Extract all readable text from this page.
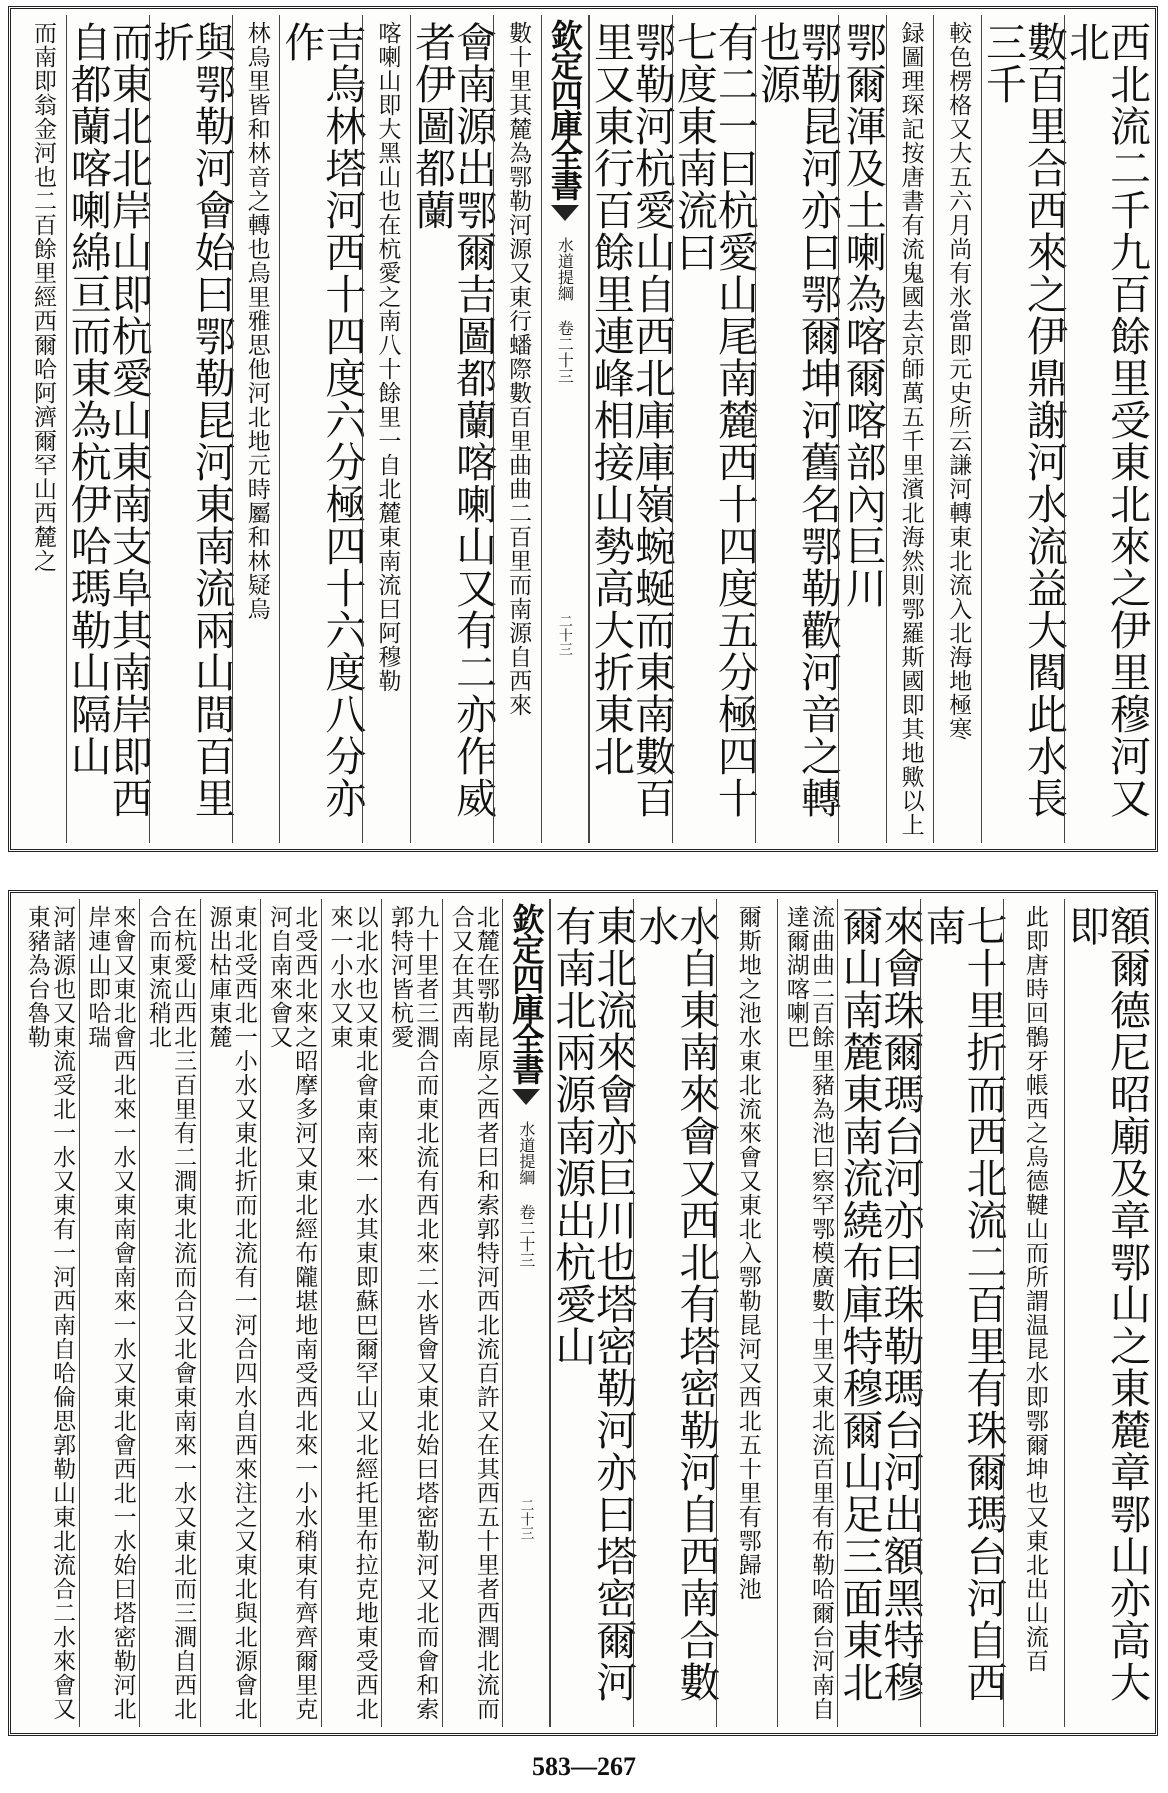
西北流二千九百餘里受東北來之伊里穆河又北
數百里合西來之伊鼎謝河水流益大閻此水長三千
較色楞格又大五六月尚有氷當即元史所云謙河轉東北流入北海地極寒
録圖理琛記按唐書有流鬼國去京師萬五千里濱北海然則鄂羅斯國即其地歟以上
鄂爾渾及土喇為喀爾喀部內巨川
鄂勒昆河亦曰鄂爾坤河舊名鄂勒歡河音之轉也源
有二一曰杭愛山尾南麓西十四度五分極四十七度東南流曰
鄂勒河杭愛山自西北庫庫嶺蜿蜒而東南數百里又東行百餘里連峰相接山勢高大折東北
欽定四庫全書
水道提綱 卷二十三
二十三
數十里其麓為鄂勒河源又東行蟠際數百里曲曲二百里而南源自西來
會南源出鄂爾吉圖都蘭喀喇山又有二亦作威者伊圖都蘭
喀喇山即大黑山也在杭愛之南八十餘里一自北麓東南流曰阿穆勒
吉烏林塔河西十四度六分極四十六度八分亦作
林烏里皆和林音之轉也烏里雅思他河北地元時屬和林疑烏
與鄂勒河會始曰鄂勒昆河東南流兩山間百里折
而東北北岸山即杭愛山東南支阜其南岸即西自都蘭喀喇綿亘而東為杭伊哈瑪勒山隔山
而南即翁金河也二百餘里經西爾哈阿濟爾罕山西麓之
額爾德尼昭廟及章鄂山之東麓章鄂山亦高大即
此即唐時回鶻牙帳西之烏德鞬山而所謂温昆水即鄂爾坤也又東北出山流百
七十里折而西北流二百里有珠爾瑪台河自西南
來會珠爾瑪台河亦曰珠勒瑪台河出額黑特穆爾山南麓東南流繞布庫特穆爾山足三面東北
流曲曲二百餘里豬為池曰察罕鄂模廣數十里又東北流百里有布勒哈爾台河南自達爾湖喀喇巴
爾斯地之池水東北流來會又東北入鄂勒昆河又西北五十里有鄂歸池
水自東南來會又西北有塔密勒河自西南合數水
東北流來會亦巨川也塔密勒河亦曰塔密爾河有南北兩源南源出杭愛山
欽定四庫全書
水道提綱 卷二十三
二十三
北麓在鄂勒昆原之西者曰和索郭特河西北流百許又在其西五十里者西潤北流而合又在其西南
九十里者三澗合而東北流有西北來二水皆會又東北始曰塔密勒河又北而會和索郭特河皆杭愛
以北水也又東北會東南來一水其東即蘇巴爾罕山又北經托里布拉克地東受西北來一小水又東
北受西北來之昭摩多河又東北經布隴堪地南受西北來一小水稍東有齊齊爾里克河自南來會又
東北受西北一小水又東北折而北流有一河合四水自西來注之又東北與北源會北源出枯庫東麓
在杭愛山西北三百里有二澗東北流而合又北會東南來一水又東北而三澗自西北合而東流稍北
來會又東北會西北來一水又東南會南來一水又東北會西北一水始曰塔密勒河北岸連山即哈瑞
河諸源也又東流受北一水又東有一河西南自哈倫思郭勒山東北流合二水來會又東豬為台魯勒
583—267
